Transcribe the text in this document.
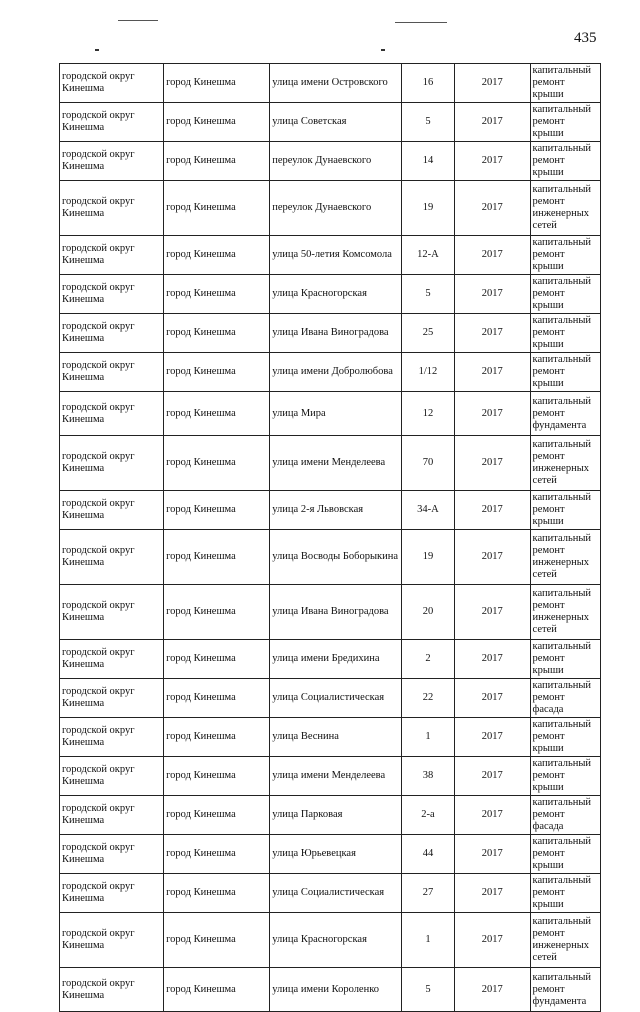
435
городской округ Кинешма	город Кинешма	улица имени Островского	16	2017	капитальный ремонт крыши
городской округ Кинешма	город Кинешма	улица Советская	5	2017	капитальный ремонт крыши
городской округ Кинешма	город Кинешма	переулок Дунаевского	14	2017	капитальный ремонт крыши
городской округ Кинешма	город Кинешма	переулок Дунаевского	19	2017	капитальный ремонт инженерных сетей
городской округ Кинешма	город Кинешма	улица 50-летия Комсомола	12-А	2017	капитальный ремонт крыши
городской округ Кинешма	город Кинешма	улица Красногорская	5	2017	капитальный ремонт крыши
городской округ Кинешма	город Кинешма	улица Ивана Виноградова	25	2017	капитальный ремонт крыши
городской округ Кинешма	город Кинешма	улица имени Добролюбова	1/12	2017	капитальный ремонт крыши
городской округ Кинешма	город Кинешма	улица Мира	12	2017	капитальный ремонт фундамента
городской округ Кинешма	город Кинешма	улица имени Менделеева	70	2017	капитальный ремонт инженерных сетей
городской округ Кинешма	город Кинешма	улица 2-я Львовская	34-А	2017	капитальный ремонт крыши
городской округ Кинешма	город Кинешма	улица Восводы Боборыкина	19	2017	капитальный ремонт инженерных сетей
городской округ Кинешма	город Кинешма	улица Ивана Виноградова	20	2017	капитальный ремонт инженерных сетей
городской округ Кинешма	город Кинешма	улица имени Бредихина	2	2017	капитальный ремонт крыши
городской округ Кинешма	город Кинешма	улица Социалистическая	22	2017	капитальный ремонт фасада
городской округ Кинешма	город Кинешма	улица Веснина	1	2017	капитальный ремонт крыши
городской округ Кинешма	город Кинешма	улица имени Менделеева	38	2017	капитальный ремонт крыши
городской округ Кинешма	город Кинешма	улица Парковая	2-а	2017	капитальный ремонт фасада
городской округ Кинешма	город Кинешма	улица Юрьевецкая	44	2017	капитальный ремонт крыши
городской округ Кинешма	город Кинешма	улица Социалистическая	27	2017	капитальный ремонт крыши
городской округ Кинешма	город Кинешма	улица Красногорская	1	2017	капитальный ремонт инженерных сетей
городской округ Кинешма	город Кинешма	улица имени Короленко	5	2017	капитальный ремонт фундамента
